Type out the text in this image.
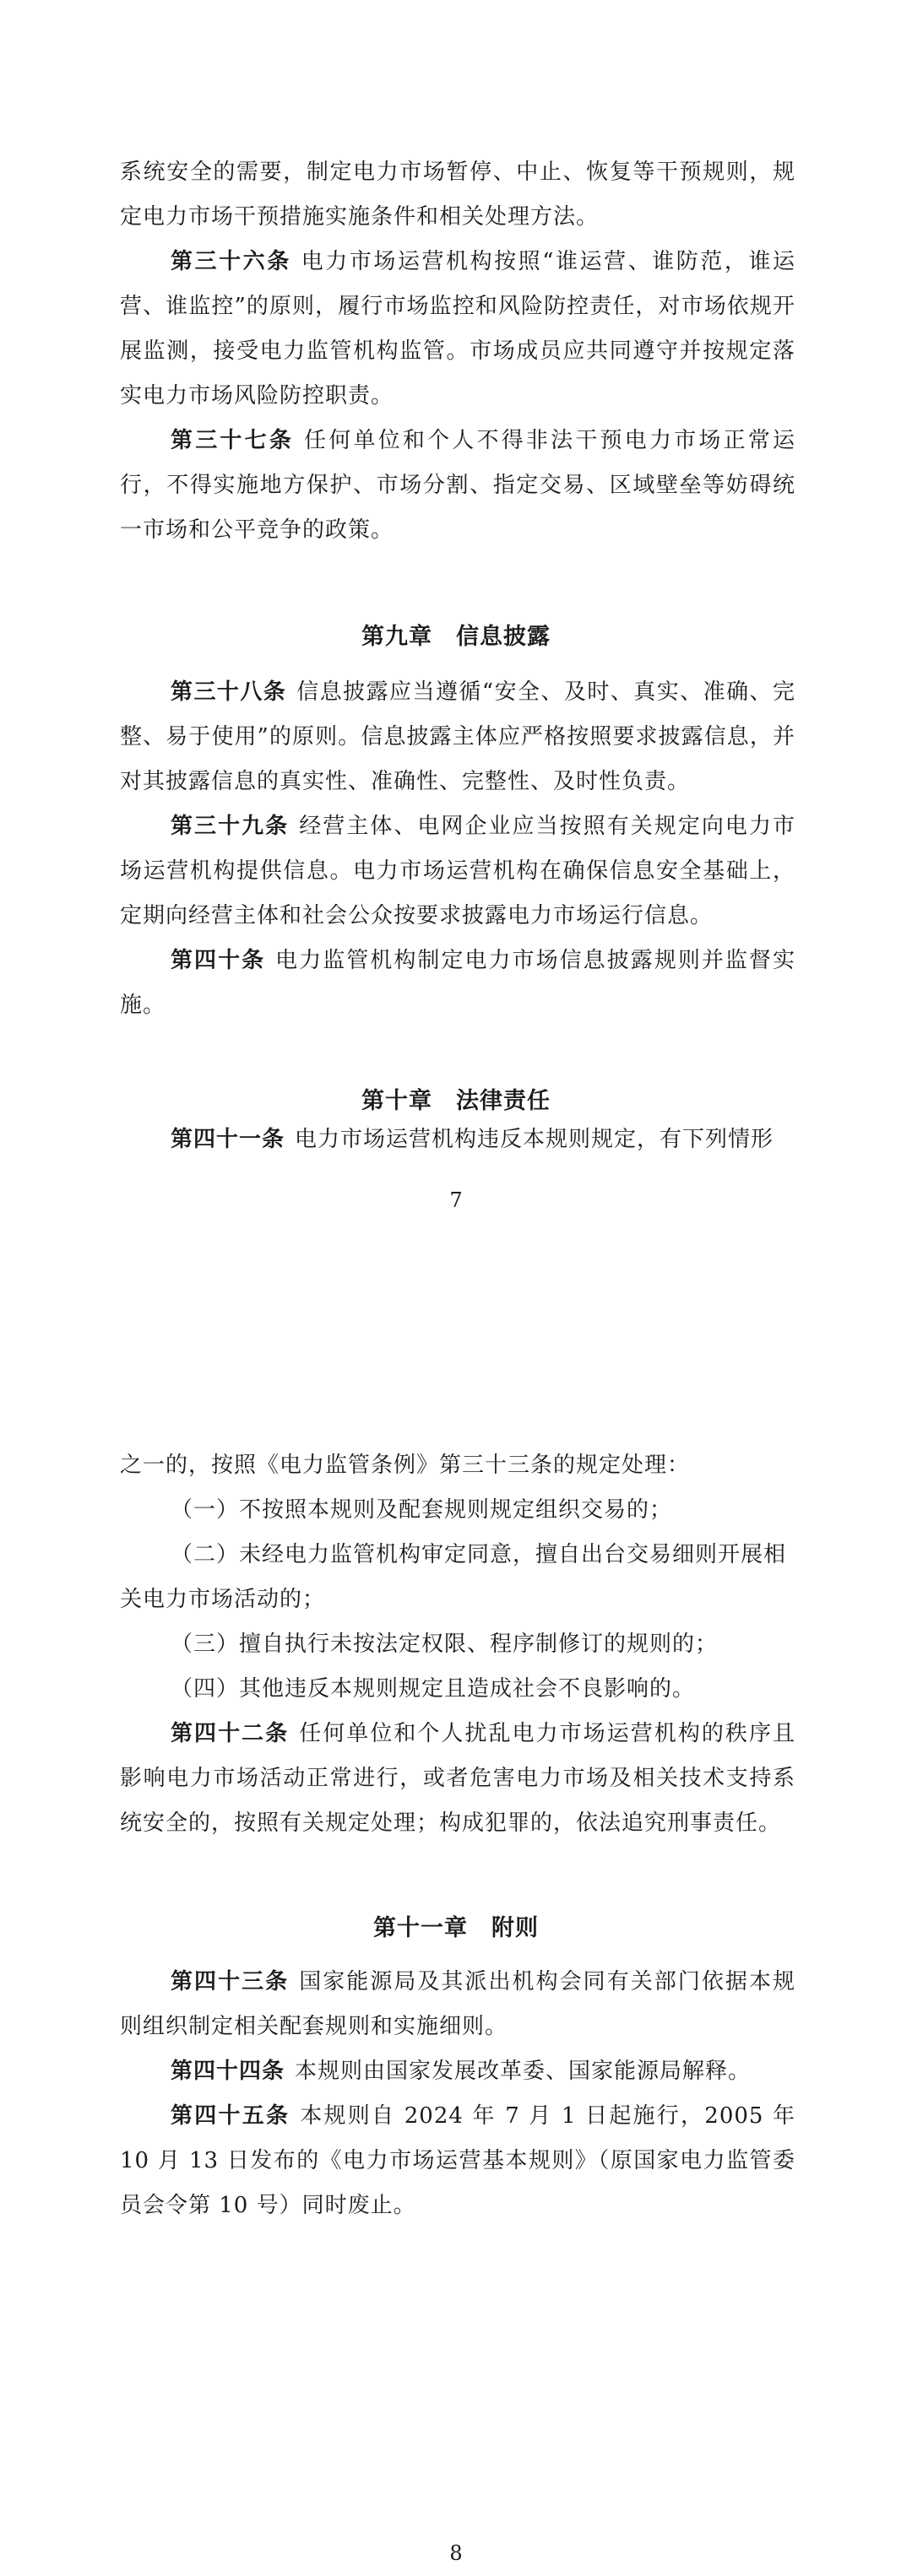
系统安全的需要，制定电力市场暂停、中止、恢复等干预规则，规定电力市场干预措施实施条件和相关处理方法。

第三十六条 电力市场运营机构按照“谁运营、谁防范，谁运营、谁监控”的原则，履行市场监控和风险防控责任，对市场依规开展监测，接受电力监管机构监管。市场成员应共同遵守并按规定落实电力市场风险防控职责。

第三十七条 任何单位和个人不得非法干预电力市场正常运行，不得实施地方保护、市场分割、指定交易、区域壁垒等妨碍统一市场和公平竞争的政策。

第九章 信息披露

第三十八条 信息披露应当遵循“安全、及时、真实、准确、完整、易于使用”的原则。信息披露主体应严格按照要求披露信息，并对其披露信息的真实性、准确性、完整性、及时性负责。

第三十九条 经营主体、电网企业应当按照有关规定向电力市场运营机构提供信息。电力市场运营机构在确保信息安全基础上，定期向经营主体和社会公众按要求披露电力市场运行信息。

第四十条 电力监管机构制定电力市场信息披露规则并监督实施。

第十章 法律责任

第四十一条 电力市场运营机构违反本规则规定，有下列情形

7

之一的，按照《电力监管条例》第三十三条的规定处理：

（一）不按照本规则及配套规则规定组织交易的；

（二）未经电力监管机构审定同意，擅自出台交易细则开展相关电力市场活动的；

（三）擅自执行未按法定权限、程序制修订的规则的；

（四）其他违反本规则规定且造成社会不良影响的。

第四十二条 任何单位和个人扰乱电力市场运营机构的秩序且影响电力市场活动正常进行，或者危害电力市场及相关技术支持系统安全的，按照有关规定处理；构成犯罪的，依法追究刑事责任。

第十一章 附则

第四十三条 国家能源局及其派出机构会同有关部门依据本规则组织制定相关配套规则和实施细则。

第四十四条 本规则由国家发展改革委、国家能源局解释。

第四十五条 本规则自 2024 年 7 月 1 日起施行，2005 年 10 月 13 日发布的《电力市场运营基本规则》（原国家电力监管委员会令第 10 号）同时废止。

8
